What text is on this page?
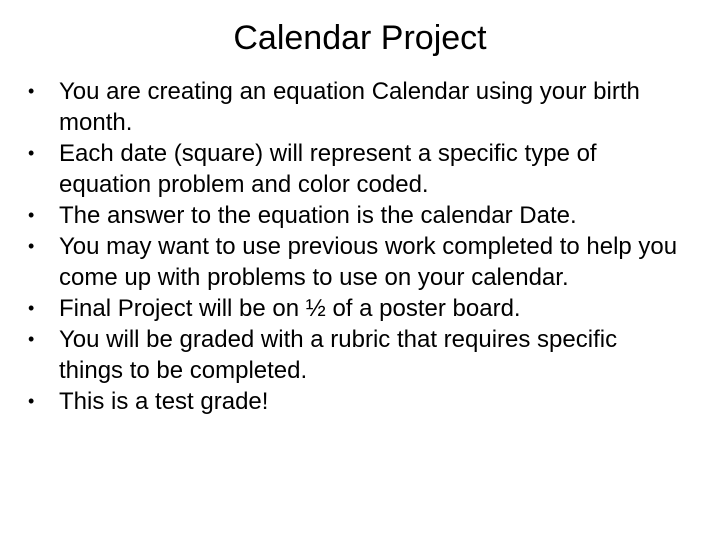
Calendar Project
•	You are creating an equation Calendar using your birth month.
•	Each date (square) will represent a specific type of equation problem and color coded.
•	The answer to the equation is the calendar Date.
•	You may want to use previous work completed to help you come up with problems to use on your calendar.
•	Final Project will be on ½ of a poster board.
•	You will be graded with a rubric that requires specific things to be completed.
•	This is a test grade!
